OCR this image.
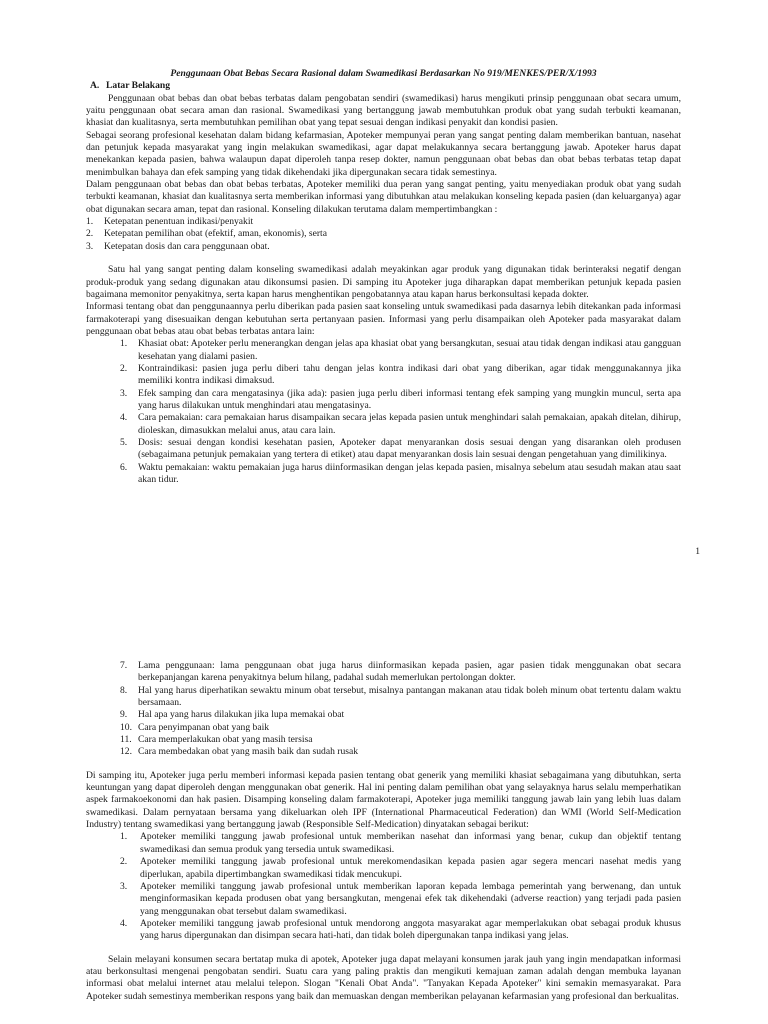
Penggunaan Obat Bebas Secara Rasional dalam Swamedikasi Berdasarkan No 919/MENKES/PER/X/1993

A. Latar Belakang

Penggunaan obat bebas dan obat bebas terbatas dalam pengobatan sendiri (swamedikasi) harus mengikuti prinsip penggunaan obat secara umum, yaitu penggunaan obat secara aman dan rasional. Swamedikasi yang bertanggung jawab membutuhkan produk obat yang sudah terbukti keamanan, khasiat dan kualitasnya, serta membutuhkan pemilihan obat yang tepat sesuai dengan indikasi penyakit dan kondisi pasien.

Sebagai seorang profesional kesehatan dalam bidang kefarmasian, Apoteker mempunyai peran yang sangat penting dalam memberikan bantuan, nasehat dan petunjuk kepada masyarakat yang ingin melakukan swamedikasi, agar dapat melakukannya secara bertanggung jawab. Apoteker harus dapat menekankan kepada pasien, bahwa walaupun dapat diperoleh tanpa resep dokter, namun penggunaan obat bebas dan obat bebas terbatas tetap dapat menimbulkan bahaya dan efek samping yang tidak dikehendaki jika dipergunakan secara tidak semestinya.

Dalam penggunaan obat bebas dan obat bebas terbatas, Apoteker memiliki dua peran yang sangat penting, yaitu menyediakan produk obat yang sudah terbukti keamanan, khasiat dan kualitasnya serta memberikan informasi yang dibutuhkan atau melakukan konseling kepada pasien (dan keluarganya) agar obat digunakan secara aman, tepat dan rasional. Konseling dilakukan terutama dalam mempertimbangkan :

1. Ketepatan penentuan indikasi/penyakit
2. Ketepatan pemilihan obat (efektif, aman, ekonomis), serta
3. Ketepatan dosis dan cara penggunaan obat.

Satu hal yang sangat penting dalam konseling swamedikasi adalah meyakinkan agar produk yang digunakan tidak berinteraksi negatif dengan produk-produk yang sedang digunakan atau dikonsumsi pasien. Di samping itu Apoteker juga diharapkan dapat memberikan petunjuk kepada pasien bagaimana memonitor penyakitnya, serta kapan harus menghentikan pengobatannya atau kapan harus berkonsultasi kepada dokter.

Informasi tentang obat dan penggunaannya perlu diberikan pada pasien saat konseling untuk swamedikasi pada dasarnya lebih ditekankan pada informasi farmakoterapi yang disesuaikan dengan kebutuhan serta pertanyaan pasien. Informasi yang perlu disampaikan oleh Apoteker pada masyarakat dalam penggunaan obat bebas atau obat bebas terbatas antara lain:

1. Khasiat obat: Apoteker perlu menerangkan dengan jelas apa khasiat obat yang bersangkutan, sesuai atau tidak dengan indikasi atau gangguan kesehatan yang dialami pasien.
2. Kontraindikasi: pasien juga perlu diberi tahu dengan jelas kontra indikasi dari obat yang diberikan, agar tidak menggunakannya jika memiliki kontra indikasi dimaksud.
3. Efek samping dan cara mengatasinya (jika ada): pasien juga perlu diberi informasi tentang efek samping yang mungkin muncul, serta apa yang harus dilakukan untuk menghindari atau mengatasinya.
4. Cara pemakaian: cara pemakaian harus disampaikan secara jelas kepada pasien untuk menghindari salah pemakaian, apakah ditelan, dihirup, dioleskan, dimasukkan melalui anus, atau cara lain.
5. Dosis: sesuai dengan kondisi kesehatan pasien, Apoteker dapat menyarankan dosis sesuai dengan yang disarankan oleh produsen (sebagaimana petunjuk pemakaian yang tertera di etiket) atau dapat menyarankan dosis lain sesuai dengan pengetahuan yang dimilikinya.
6. Waktu pemakaian: waktu pemakaian juga harus diinformasikan dengan jelas kepada pasien, misalnya sebelum atau sesudah makan atau saat akan tidur.
1
7. Lama penggunaan: lama penggunaan obat juga harus diinformasikan kepada pasien, agar pasien tidak menggunakan obat secara berkepanjangan karena penyakitnya belum hilang, padahal sudah memerlukan pertolongan dokter.
8. Hal yang harus diperhatikan sewaktu minum obat tersebut, misalnya pantangan makanan atau tidak boleh minum obat tertentu dalam waktu bersamaan.
9. Hal apa yang harus dilakukan jika lupa memakai obat
10. Cara penyimpanan obat yang baik
11. Cara memperlakukan obat yang masih tersisa
12. Cara membedakan obat yang masih baik dan sudah rusak

Di samping itu, Apoteker juga perlu memberi informasi kepada pasien tentang obat generik yang memiliki khasiat sebagaimana yang dibutuhkan, serta keuntungan yang dapat diperoleh dengan menggunakan obat generik. Hal ini penting dalam pemilihan obat yang selayaknya harus selalu memperhatikan aspek farmakoekonomi dan hak pasien. Disamping konseling dalam farmakoterapi, Apoteker juga memiliki tanggung jawab lain yang lebih luas dalam swamedikasi. Dalam pernyataan bersama yang dikeluarkan oleh IPF (International Pharmaceutical Federation) dan WMI (World Self-Medication Industry) tentang swamedikasi yang bertanggung jawab (Responsible Self-Medication) dinyatakan sebagai berikut:

1. Apoteker memiliki tanggung jawab profesional untuk memberikan nasehat dan informasi yang benar, cukup dan objektif tentang swamedikasi dan semua produk yang tersedia untuk swamedikasi.
2. Apoteker memiliki tanggung jawab profesional untuk merekomendasikan kepada pasien agar segera mencari nasehat medis yang diperlukan, apabila dipertimbangkan swamedikasi tidak mencukupi.
3. Apoteker memiliki tanggung jawab profesional untuk memberikan laporan kepada lembaga pemerintah yang berwenang, dan untuk menginformasikan kepada produsen obat yang bersangkutan, mengenai efek tak dikehendaki (adverse reaction) yang terjadi pada pasien yang menggunakan obat tersebut dalam swamedikasi.
4. Apoteker memiliki tanggung jawab profesional untuk mendorong anggota masyarakat agar memperlakukan obat sebagai produk khusus yang harus dipergunakan dan disimpan secara hati-hati, dan tidak boleh dipergunakan tanpa indikasi yang jelas.

Selain melayani konsumen secara bertatap muka di apotek, Apoteker juga dapat melayani konsumen jarak jauh yang ingin mendapatkan informasi atau berkonsultasi mengenai pengobatan sendiri. Suatu cara yang paling praktis dan mengikuti kemajuan zaman adalah dengan membuka layanan informasi obat melalui internet atau melalui telepon. Slogan "Kenali Obat Anda". "Tanyakan Kepada Apoteker" kini semakin memasyarakat. Para Apoteker sudah semestinya memberikan respons yang baik dan memuaskan dengan memberikan pelayanan kefarmasian yang profesional dan berkualitas.
